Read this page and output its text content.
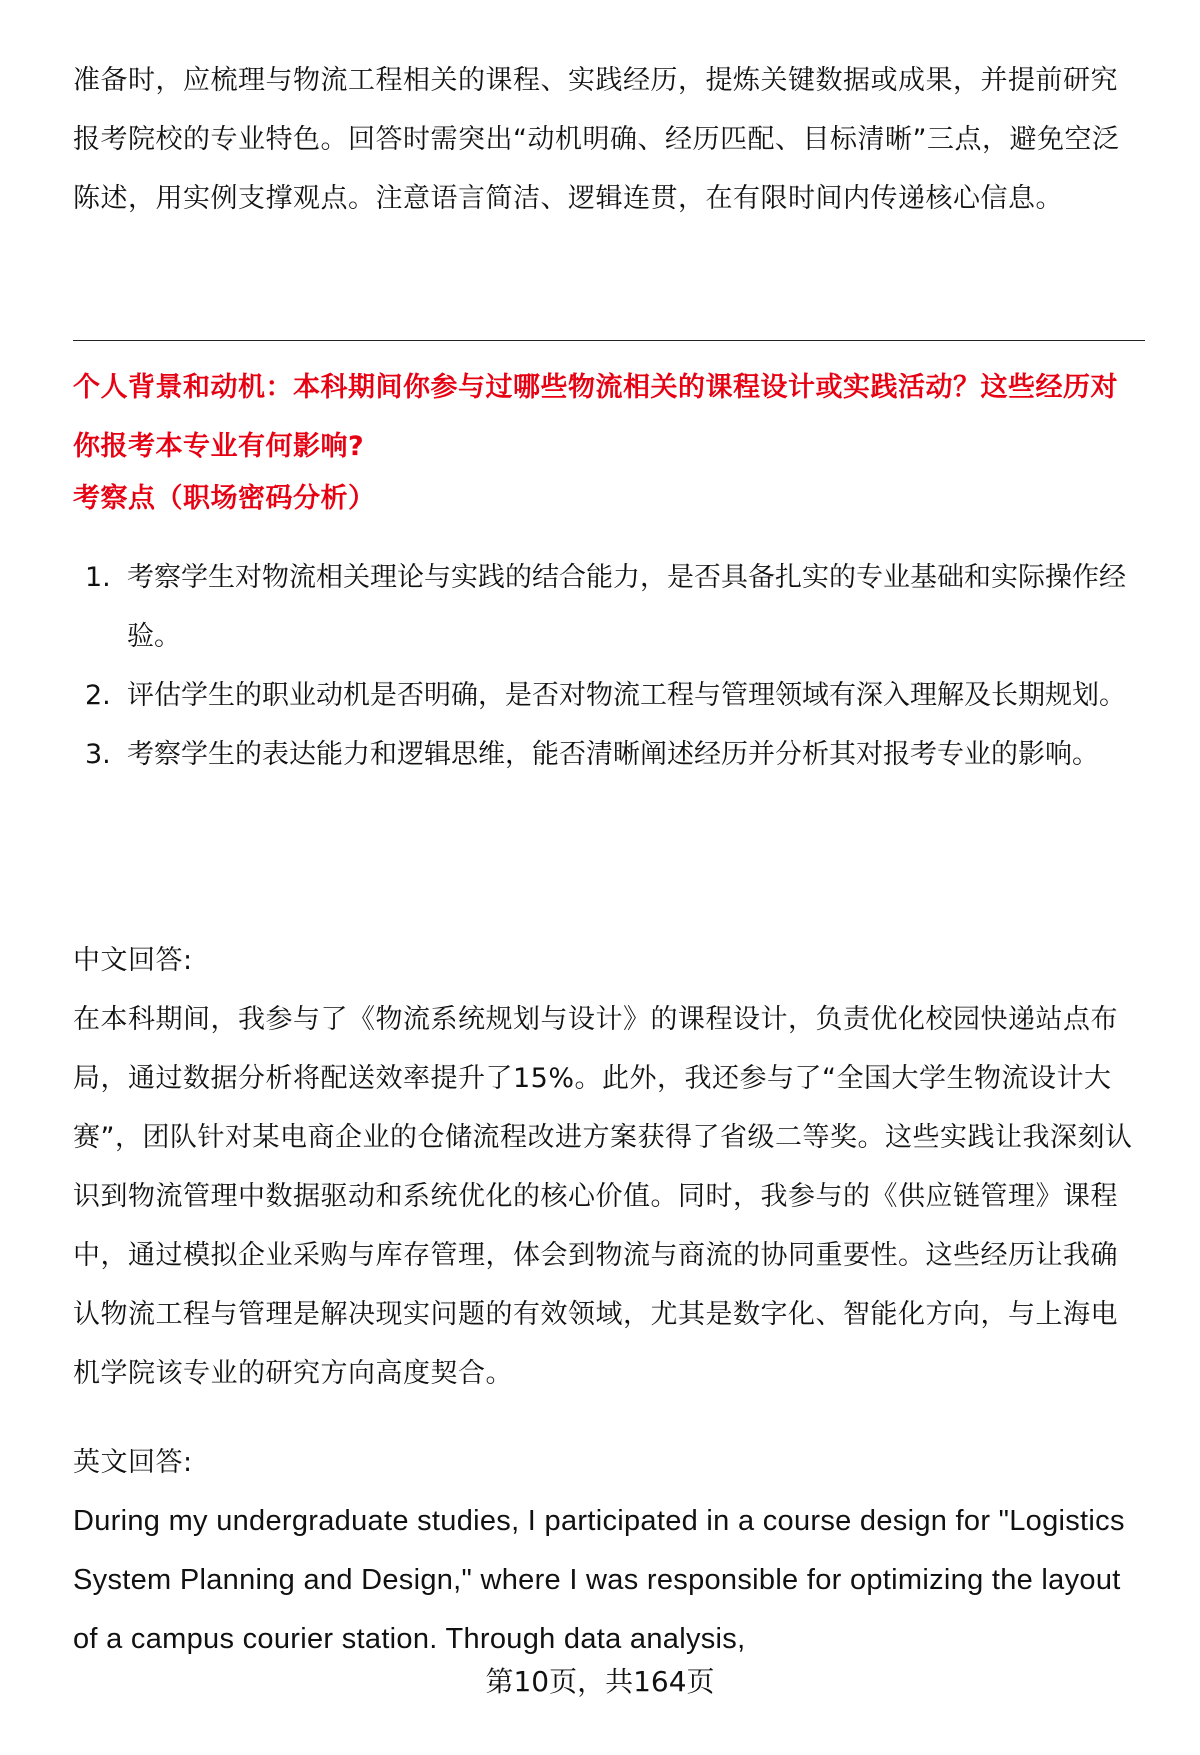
准备时，应梳理与物流工程相关的课程、实践经历，提炼关键数据或成果，并提前研究报考院校的专业特色。回答时需突出“动机明确、经历匹配、目标清晰”三点，避免空泛陈述，用实例支撑观点。注意语言简洁、逻辑连贯，在有限时间内传递核心信息。
个人背景和动机：本科期间你参与过哪些物流相关的课程设计或实践活动？这些经历对你报考本专业有何影响?
考察点（职场密码分析）
1. 考察学生对物流相关理论与实践的结合能力，是否具备扎实的专业基础和实际操作经验。
2. 评估学生的职业动机是否明确，是否对物流工程与管理领域有深入理解及长期规划。
3. 考察学生的表达能力和逻辑思维，能否清晰阐述经历并分析其对报考专业的影响。
中文回答:
在本科期间，我参与了《物流系统规划与设计》的课程设计，负责优化校园快递站点布局，通过数据分析将配送效率提升了15%。此外，我还参与了“全国大学生物流设计大赛”，团队针对某电商企业的仓储流程改进方案获得了省级二等奖。这些实践让我深刻认识到物流管理中数据驱动和系统优化的核心价值。同时，我参与的《供应链管理》课程中，通过模拟企业采购与库存管理，体会到物流与商流的协同重要性。这些经历让我确认物流工程与管理是解决现实问题的有效领域，尤其是数字化、智能化方向，与上海电机学院该专业的研究方向高度契合。
英文回答:
During my undergraduate studies, I participated in a course design for "Logistics System Planning and Design," where I was responsible for optimizing the layout of a campus courier station. Through data analysis,
第10页，共164页
